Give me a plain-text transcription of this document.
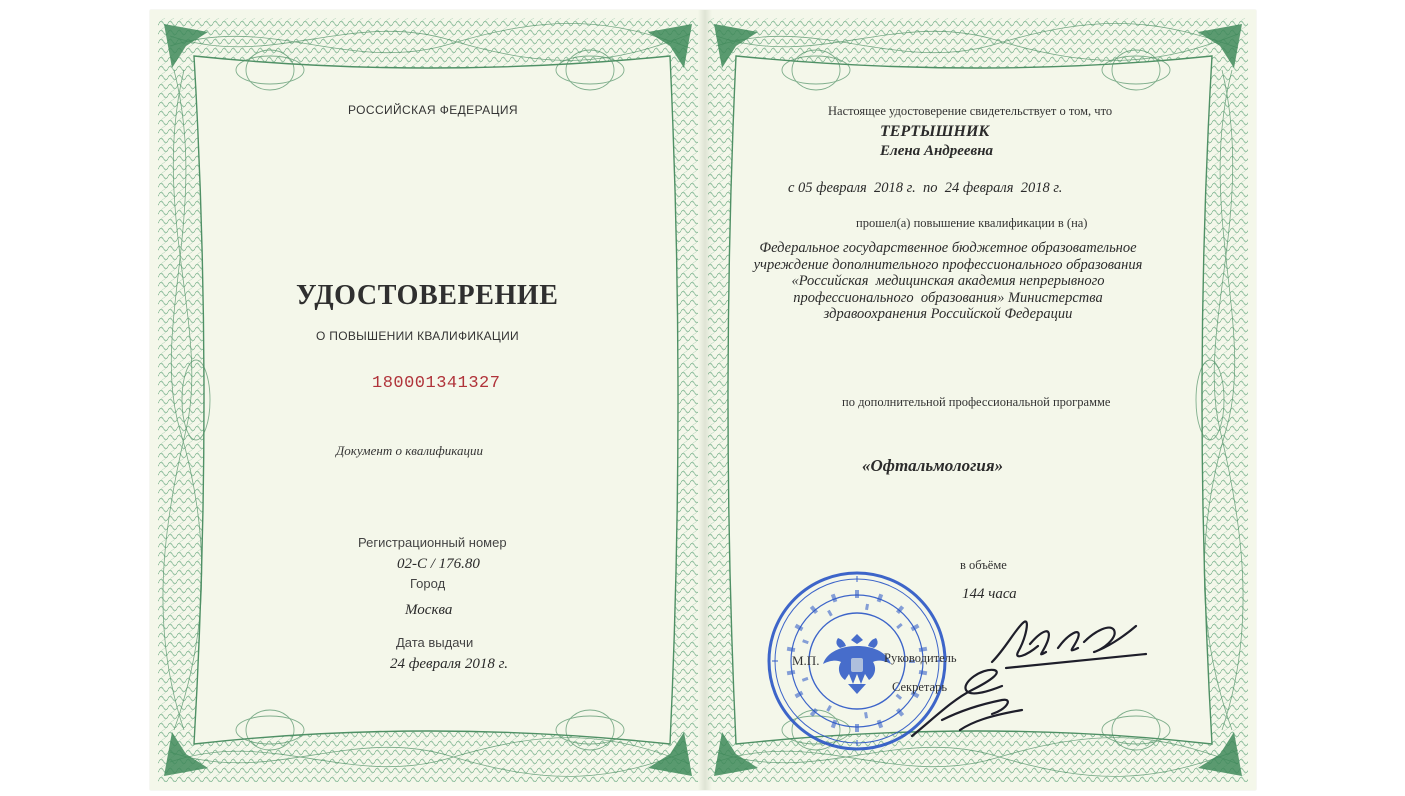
РОССИЙСКАЯ ФЕДЕРАЦИЯ
УДОСТОВЕРЕНИЕ
О ПОВЫШЕНИИ КВАЛИФИКАЦИИ
180001341327
Документ о квалификации
Регистрационный номер
02-С / 176.80
Город
Москва
Дата выдачи
24 февраля 2018 г.
Настоящее удостоверение свидетельствует о том, что
ТЕРТЫШНИК
Елена Андреевна
с 05 февраля  2018 г.  по  24 февраля  2018 г.
прошел(а) повышение квалификации в (на)
Федеральное государственное бюджетное образовательное
учреждение дополнительного профессионального образования
«Российская  медицинская академия непрерывного
профессионального  образования» Министерства
здравоохранения Российской Федерации
по дополнительной профессиональной программе
«Офтальмология»
в объёме
144 часа
М.П.	Руководитель
Секретарь
